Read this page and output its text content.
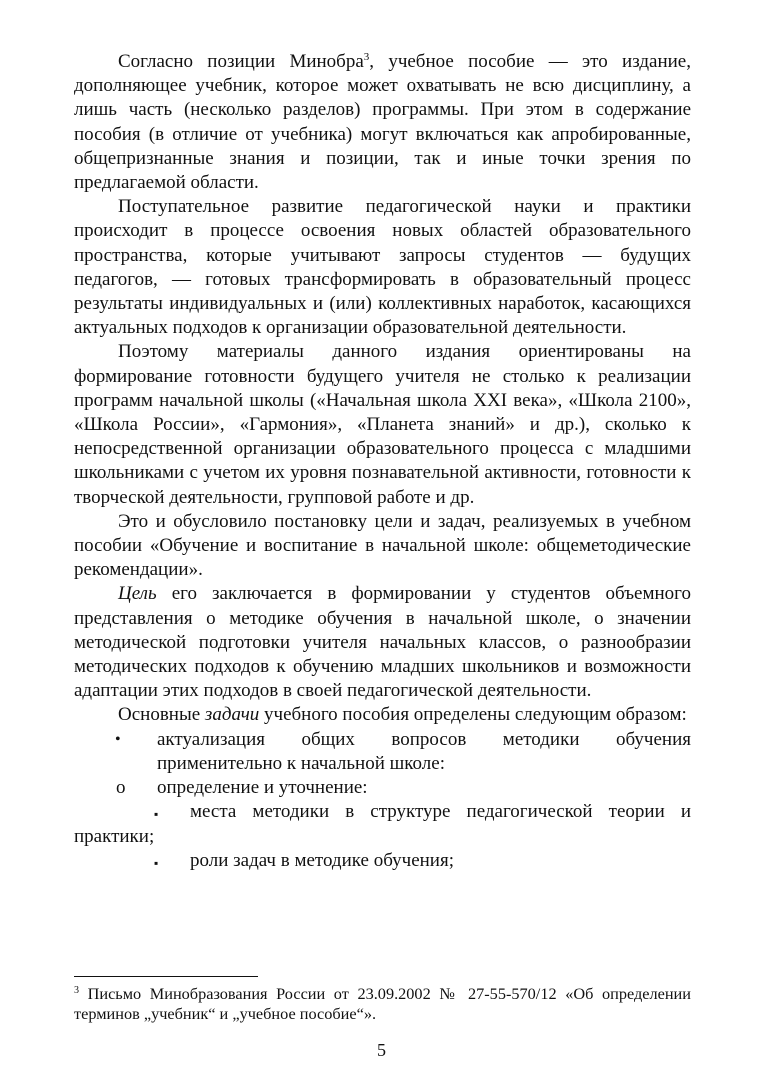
Согласно позиции Минобра$^3$, учебное пособие — это издание, дополняющее учебник, которое может охватывать не всю дисциплину, а лишь часть (несколько разделов) программы. При этом в содержание пособия (в отличие от учебника) могут включаться как апробированные, общепризнанные знания и позиции, так и иные точки зрения по предлагаемой области.

Поступательное развитие педагогической науки и практики происходит в процессе освоения новых областей образовательного пространства, которые учитывают запросы студентов — будущих педагогов, — готовых трансформировать в образовательный процесс результаты индивидуальных и (или) коллективных наработок, касающихся актуальных подходов к организации образовательной деятельности.

Поэтому материалы данного издания ориентированы на формирование готовности будущего учителя не столько к реализации программ начальной школы («Начальная школа XXI века», «Школа 2100», «Школа России», «Гармония», «Планета знаний» и др.), сколько к непосредственной организации образовательного процесса с младшими школьниками с учетом их уровня познавательной активности, готовности к творческой деятельности, групповой работе и др.

Это и обусловило постановку цели и задач, реализуемых в учебном пособии «Обучение и воспитание в начальной школе: общеметодические рекомендации».

Цель его заключается в формировании у студентов объемного представления о методике обучения в начальной школе, о значении методической подготовки учителя начальных классов, о разнообразии методических подходов к обучению младших школьников и возможности адаптации этих подходов в своей педагогической деятельности.

Основные задачи учебного пособия определены следующим образом:

• актуализация общих вопросов методики обучения применительно к начальной школе:
o определение и уточнение:
▪ места методики в структуре педагогической теории и практики;
▪ роли задач в методике обучения;
$^3$ Письмо Минобразования России от 23.09.2002 № 27-55-570/12 «Об определении терминов „учебник“ и „учебное пособие“».
5
